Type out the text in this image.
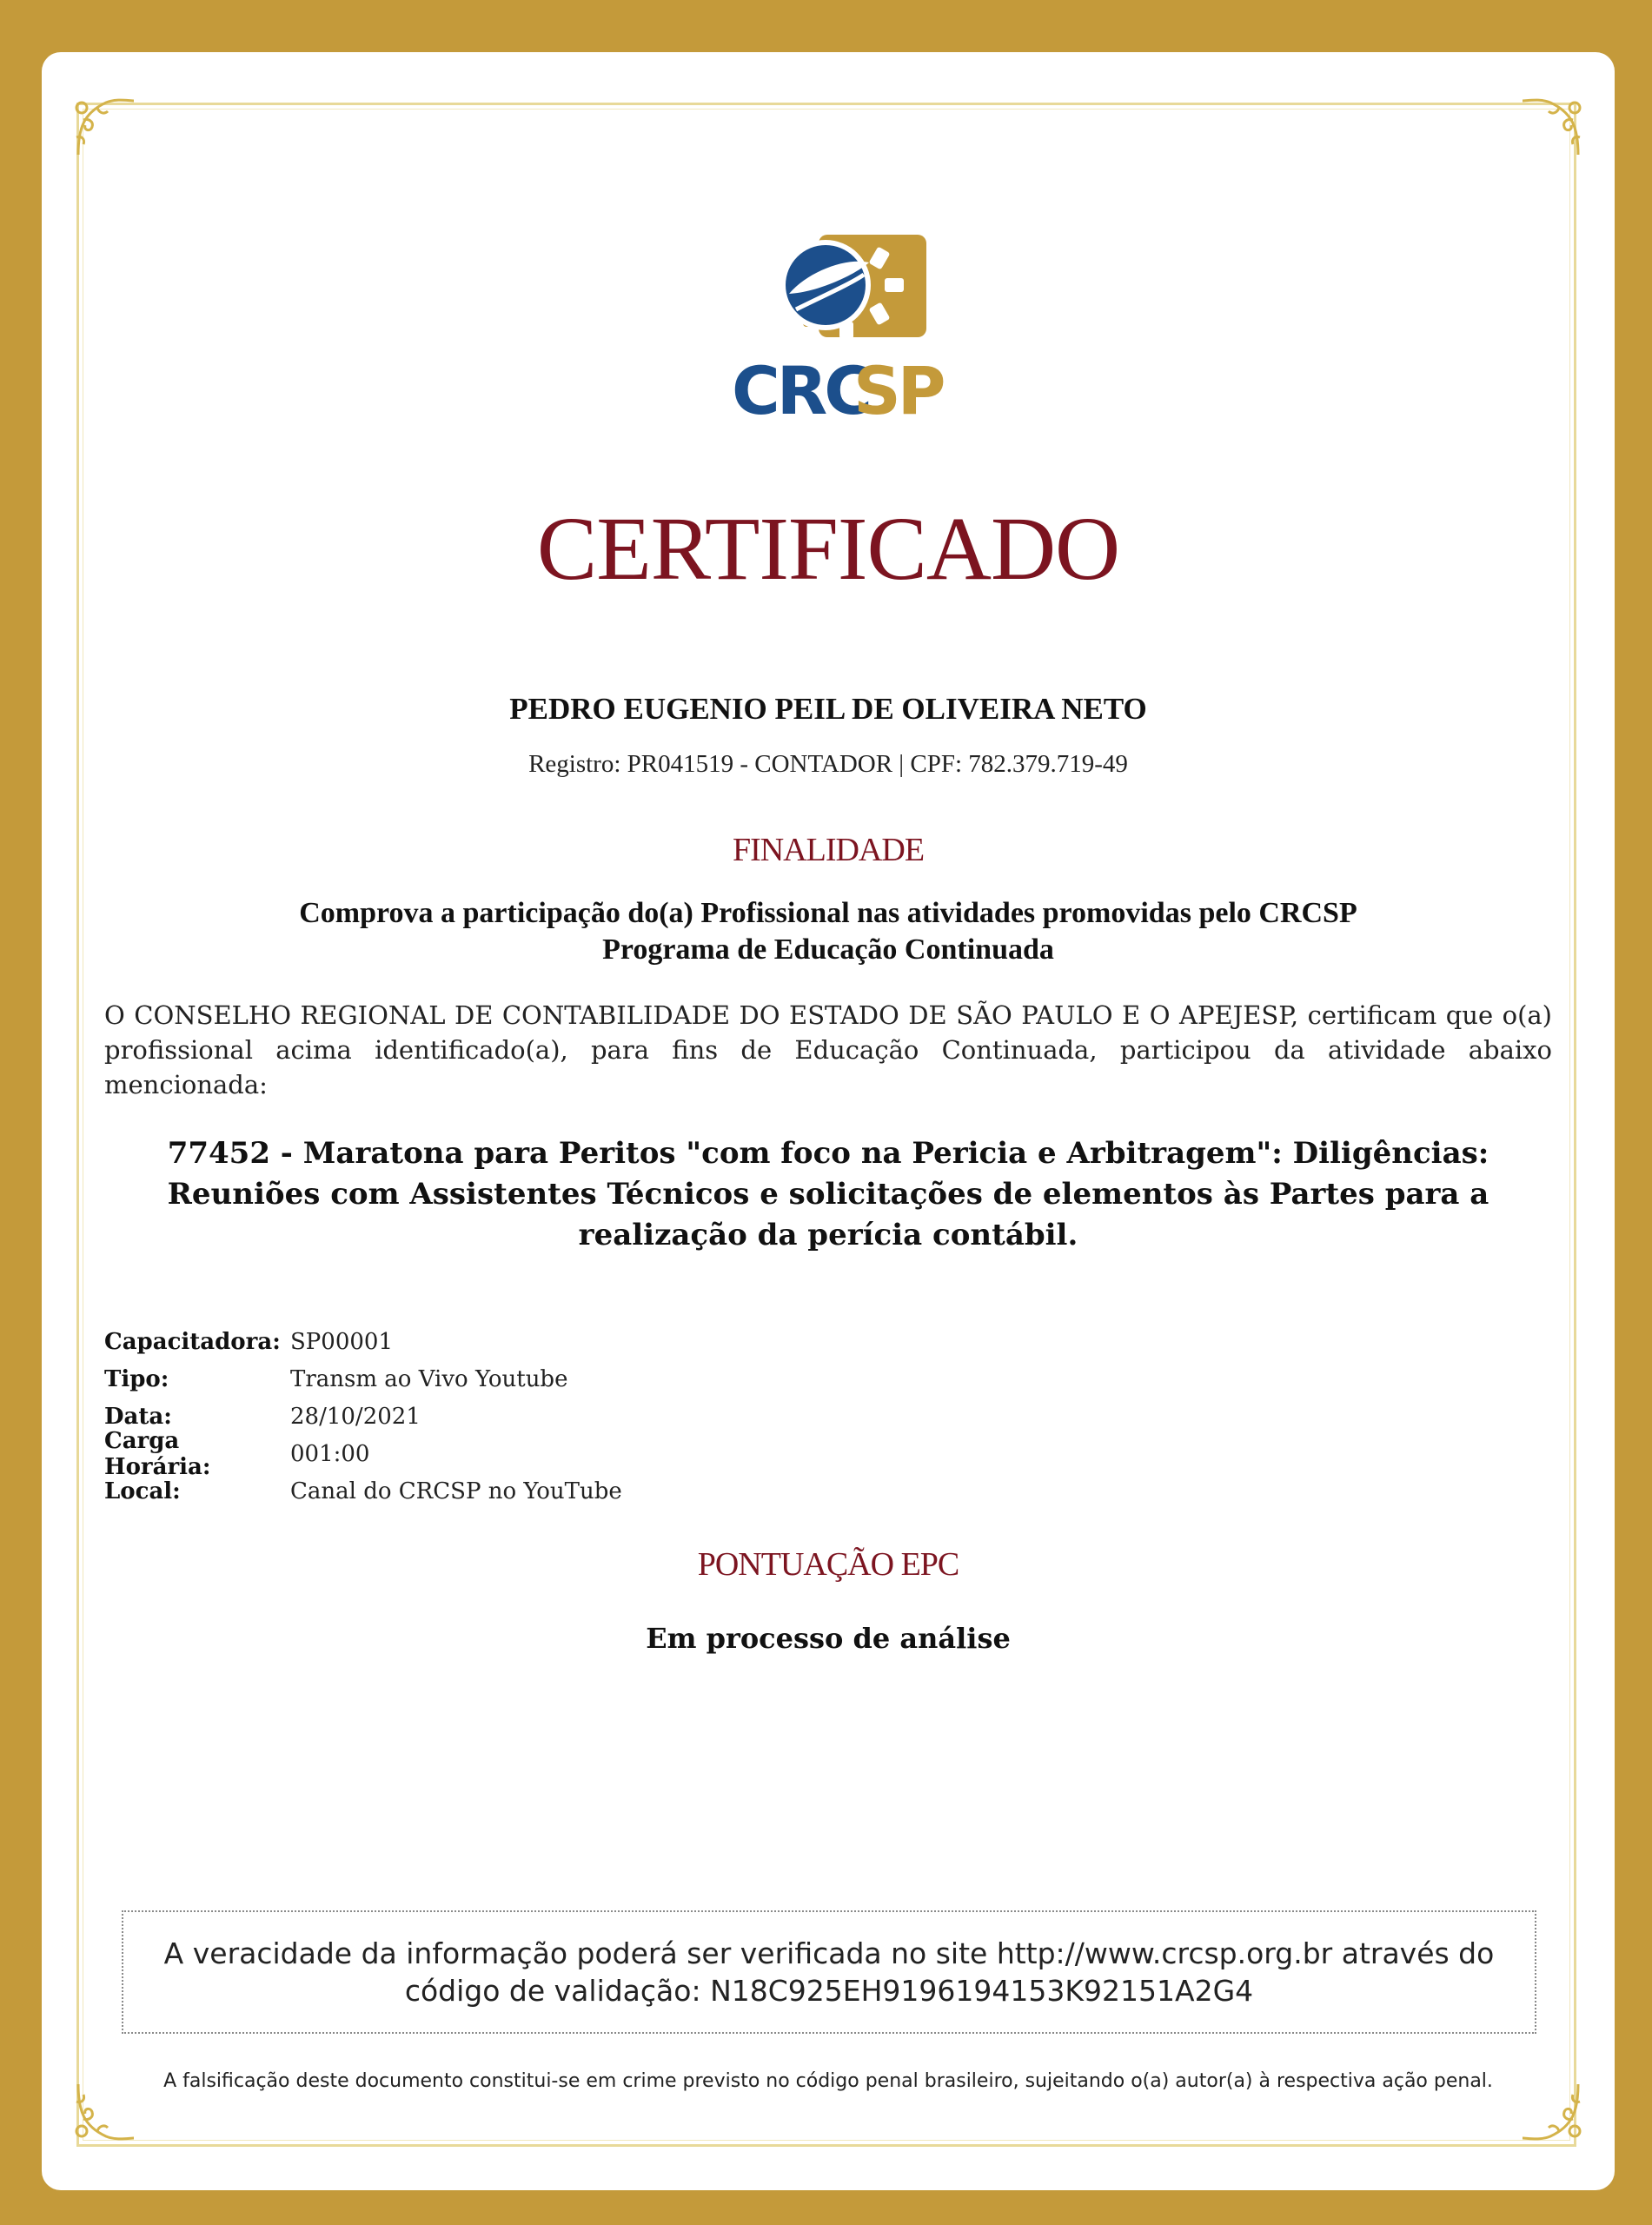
CRC
SP
CERTIFICADO
PEDRO EUGENIO PEIL DE OLIVEIRA NETO
Registro: PR041519 - CONTADOR | CPF: 782.379.719-49
FINALIDADE
Comprova a participação do(a) Profissional nas atividades promovidas pelo CRCSP
Programa de Educação Continuada
O CONSELHO REGIONAL DE CONTABILIDADE DO ESTADO DE SÃO PAULO E O APEJESP, certificam que o(a) profissional acima identificado(a), para fins de Educação Continuada, participou da atividade abaixo mencionada:
77452 - Maratona para Peritos "com foco na Pericia e Arbitragem": Diligências: Reuniões com Assistentes Técnicos e solicitações de elementos às Partes para a realização da perícia contábil.
Capacitadora: SP00001
Tipo:	Transm ao Vivo Youtube
Data:	28/10/2021
Carga Horária:	001:00
Local:	Canal do CRCSP no YouTube
PONTUAÇÃO EPC
Em processo de análise
A veracidade da informação poderá ser verificada no site http://www.crcsp.org.br através do
código de validação: N18C925EH9196194153K92151A2G4
A falsificação deste documento constitui-se em crime previsto no código penal brasileiro, sujeitando o(a) autor(a) à respectiva ação penal.
